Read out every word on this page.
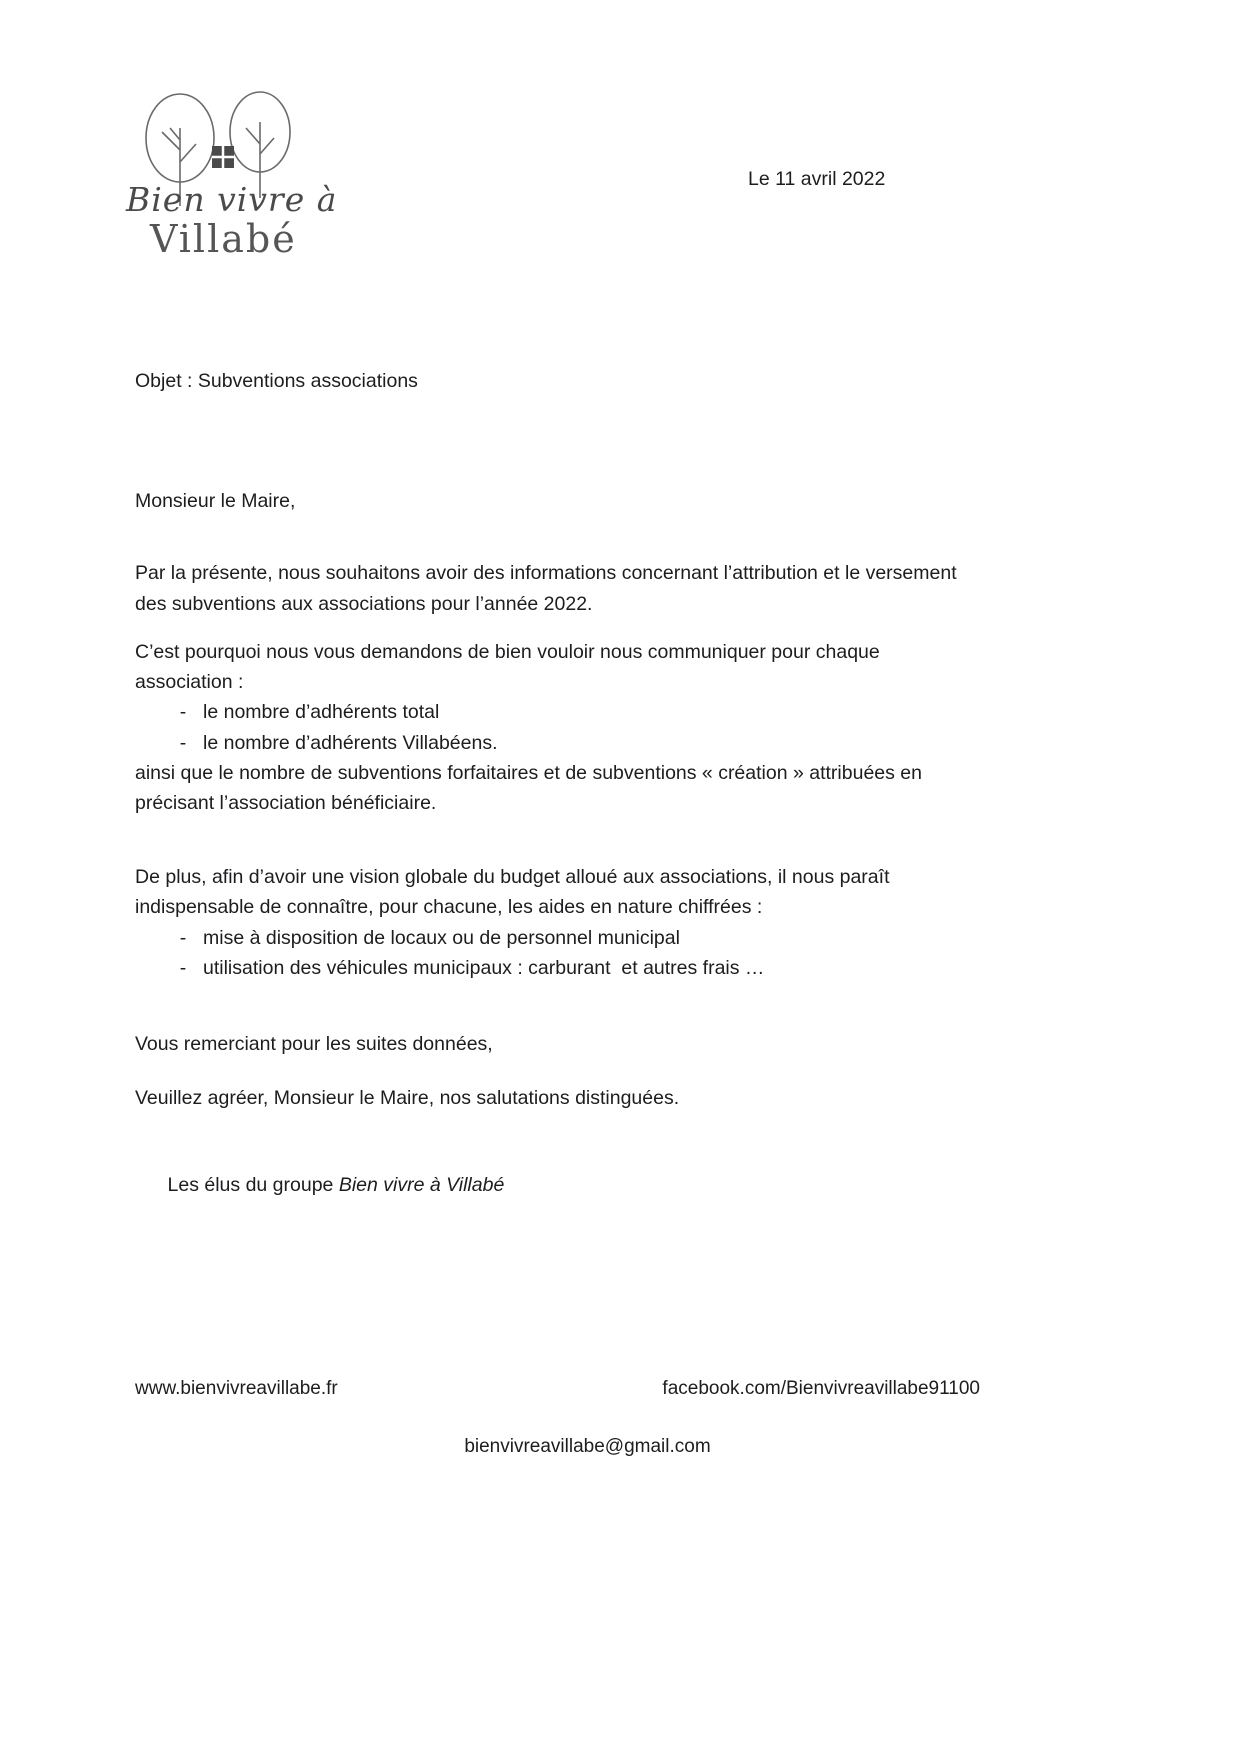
Bien vivre à
Villabé
Le 11 avril 2022
Objet : Subventions associations
Monsieur le Maire,
Par la présente, nous souhaitons avoir des informations concernant l’attribution et le versement des subventions aux associations pour l’année 2022.
C’est pourquoi nous vous demandons de bien vouloir nous communiquer pour chaque association :
- le nombre d’adhérents total
- le nombre d’adhérents Villabéens.
ainsi que le nombre de subventions forfaitaires et de subventions « création » attribuées en précisant l’association bénéficiaire.
De plus, afin d’avoir une vision globale du budget alloué aux associations, il nous paraît indispensable de connaître, pour chacune, les aides en nature chiffrées :
- mise à disposition de locaux ou de personnel municipal
- utilisation des véhicules municipaux : carburant  et autres frais …
Vous remerciant pour les suites données,
Veuillez agréer, Monsieur le Maire, nos salutations distinguées.

Les élus du groupe Bien vivre à Villabé

www.bienvivreavillabe.fr	facebook.com/Bienvivreavillabe91100
bienvivreavillabe@gmail.com
